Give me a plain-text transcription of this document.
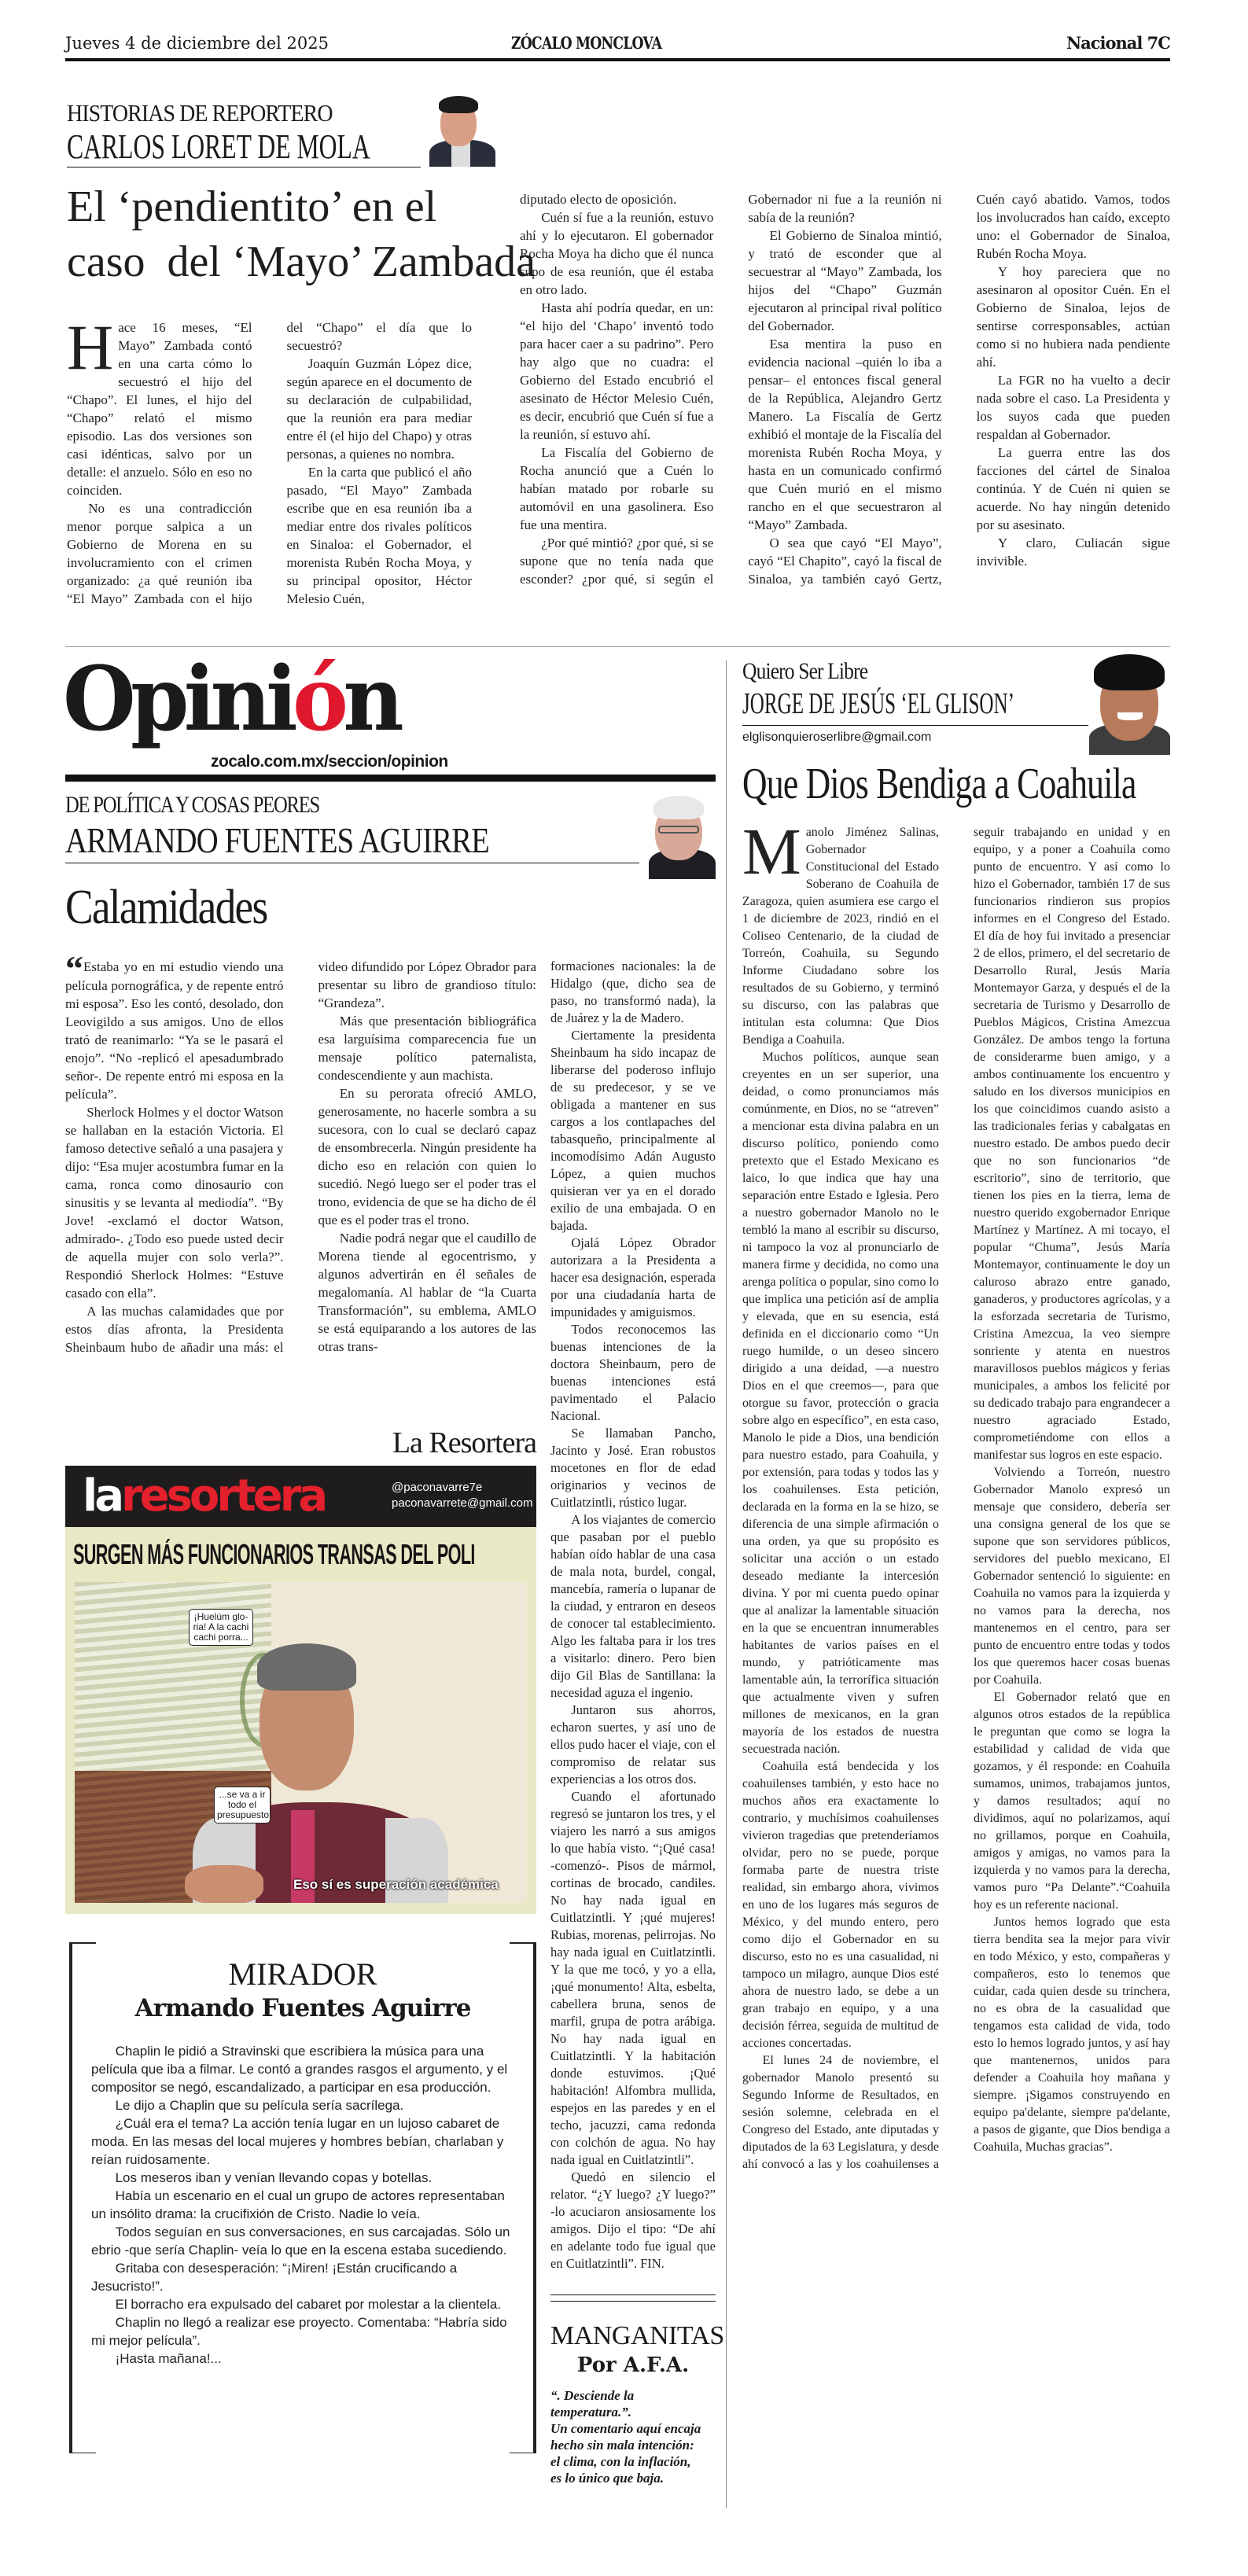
Jueves 4 de diciembre del 2025	ZÓCALO MONCLOVA	Nacional 7C
HISTORIAS DE REPORTERO
CARLOS LORET DE MOLA
El ‘pendientito’ en el
caso  del ‘Mayo’ Zambada

Hace 16 meses, “El Mayo” Zambada contó en una carta cómo lo secuestró el hijo del “Chapo”. El lunes, el hijo del “Chapo” relató el mismo episodio. Las dos versiones son casi idénticas, salvo por un detalle: el anzuelo. Sólo en eso no coinciden.

No es una contradicción menor porque salpica a un Gobierno de Morena en su involucramiento con el crimen organizado: ¿a qué reunión iba “El Mayo” Zambada con el hijo del “Chapo” el día que lo secuestró?

Joaquín Guzmán López dice, según aparece en el documento de su declaración de culpabilidad, que la reunión era para mediar entre él (el hijo del Chapo) y otras personas, a quienes no nombra.

En la carta que publicó el año pasado, “El Mayo” Zambada escribe que en esa reunión iba a mediar entre dos rivales políticos en Sinaloa: el Gobernador, el morenista Rubén Rocha Moya, y su principal opositor, Héctor Melesio Cuén,

diputado electo de oposición.

Cuén sí fue a la reunión, estuvo ahí y lo ejecutaron. El gobernador Rocha Moya ha dicho que él nunca supo de esa reunión, que él estaba en otro lado.

Hasta ahí podría quedar, en un: “el hijo del ‘Chapo’ inventó todo para hacer caer a su padrino”. Pero hay algo que no cuadra: el Gobierno del Estado encubrió el asesinato de Héctor Melesio Cuén, es decir, encubrió que Cuén sí fue a la reunión, sí estuvo ahí.

La Fiscalía del Gobierno de Rocha anunció que a Cuén lo habían matado por robarle su automóvil en una gasolinera. Eso fue una mentira.

¿Por qué mintió? ¿por qué, si se supone que no tenía nada que esconder? ¿por qué, si según el Gobernador ni fue a la reunión ni sabía de la reunión?

El Gobierno de Sinaloa mintió, y trató de esconder que al secuestrar al “Mayo” Zambada, los hijos del “Chapo” Guzmán ejecutaron al principal rival político del Gobernador.

Esa mentira la puso en evidencia nacional –quién lo iba a pensar– el entonces fiscal general de la República, Alejandro Gertz Manero. La Fiscalía de Gertz exhibió el montaje de la Fiscalía del morenista Rubén Rocha Moya, y hasta en un comunicado confirmó que Cuén murió en el mismo rancho en el que secuestraron al “Mayo” Zambada.

O sea que cayó “El Mayo”, cayó “El Chapito”, cayó la fiscal de Sinaloa, ya también cayó Gertz, Cuén cayó abatido. Vamos, todos los involucrados han caído, excepto uno: el Gobernador de Sinaloa, Rubén Rocha Moya.

Y hoy pareciera que no asesinaron al opositor Cuén. En el Gobierno de Sinaloa, lejos de sentirse corresponsables, actúan como si no hubiera nada pendiente ahí.

La FGR no ha vuelto a decir nada sobre el caso. La Presidenta y los suyos cada que pueden respaldan al Gobernador.

La guerra entre las dos facciones del cártel de Sinaloa continúa. Y de Cuén ni quien se acuerde. No hay ningún detenido por su asesinato.

Y claro, Culiacán sigue invivible.

Opinión
zocalo.com.mx/seccion/opinion
DE POLÍTICA Y COSAS PEORES
ARMANDO FUENTES AGUIRRE
Calamidades

“Estaba yo en mi estudio viendo una película pornográfica, y de repente entró mi esposa”. Eso les contó, desolado, don Leovigildo a sus amigos. Uno de ellos trató de reanimarlo: “Ya se le pasará el enojo”. “No -replicó el apesadumbrado señor-. De repente entró mi esposa en la película”.

Sherlock Holmes y el doctor Watson se hallaban en la estación Victoria. El famoso detective señaló a una pasajera y dijo: “Esa mujer acostumbra fumar en la cama, ronca como dinosaurio con sinusitis y se levanta al mediodía”. “By Jove! -exclamó el doctor Watson, admirado-. ¿Todo eso puede usted decir de aquella mujer con solo verla?”. Respondió Sherlock Holmes: “Estuve casado con ella”.

A las muchas calamidades que por estos días afronta, la Presidenta Sheinbaum hubo de añadir una más: el video difundido por López Obrador para presentar su libro de grandioso título: “Grandeza”.

Más que presentación bibliográfica esa larguísima comparecencia fue un mensaje político paternalista, condescendiente y aun machista.

En su perorata ofreció AMLO, generosamente, no hacerle sombra a su sucesora, con lo cual se declaró capaz de ensombrecerla. Ningún presidente ha dicho eso en relación con quien lo sucedió. Negó luego ser el poder tras el trono, evidencia de que se ha dicho de él que es el poder tras el trono.

Nadie podrá negar que el caudillo de Morena tiende al egocentrismo, y algunos advertirán en él señales de megalomanía. Al hablar de “la Cuarta Transformación”, su emblema, AMLO se está equiparando a los autores de las otras trans-

formaciones nacionales: la de Hidalgo (que, dicho sea de paso, no transformó nada), la de Juárez y la de Madero.

Ciertamente la presidenta Sheinbaum ha sido incapaz de liberarse del poderoso influjo de su predecesor, y se ve obligada a mantener en sus cargos a los contlapaches del tabasqueño, principalmente al incomodísimo Adán Augusto López, a quien muchos quisieran ver ya en el dorado exilio de una embajada. O en bajada.

Ojalá López Obrador autorizara a la Presidenta a hacer esa designación, esperada por una ciudadanía harta de impunidades y amiguismos.

Todos reconocemos las buenas intenciones de la doctora Sheinbaum, pero de buenas intenciones está pavimentado el Palacio Nacional.

Se llamaban Pancho, Jacinto y José. Eran robustos mocetones en flor de edad originarios y vecinos de Cuitlatzintli, rústico lugar.

A los viajantes de comercio que pasaban por el pueblo habían oído hablar de una casa de mala nota, burdel, congal, mancebía, ramería o lupanar de la ciudad, y entraron en deseos de conocer tal establecimiento. Algo les faltaba para ir los tres a visitarlo: dinero. Pero bien dijo Gil Blas de Santillana: la necesidad aguza el ingenio.

Juntaron sus ahorros, echaron suertes, y así uno de ellos pudo hacer el viaje, con el compromiso de relatar sus experiencias a los otros dos.

Cuando el afortunado regresó se juntaron los tres, y el viajero les narró a sus amigos lo que había visto. “¡Qué casa! -comenzó-. Pisos de mármol, cortinas de brocado, candiles. No hay nada igual en Cuitlatzintli. Y ¡qué mujeres! Rubias, morenas, pelirrojas. No hay nada igual en Cuitlatzintli. Y la que me tocó, y yo a ella, ¡qué monumento! Alta, esbelta, cabellera bruna, senos de marfil, grupa de potra arábiga. No hay nada igual en Cuitlatzintli. Y la habitación donde estuvimos. ¡Qué habitación! Alfombra mullida, espejos en las paredes y en el techo, jacuzzi, cama redonda con colchón de agua. No hay nada igual en Cuitlatzintli”.

Quedó en silencio el relator. “¿Y luego? ¿Y luego?” -lo acuciaron ansiosamente los amigos. Dijo el tipo: “De ahí en adelante todo fue igual que en Cuitlatzintli”. FIN.

MANGANITAS
Por A.F.A.
“. Desciende la temperatura.”.
Un comentario aquí encaja
hecho sin mala intención:
el clima, con la inflación,
es lo único que baja.
La Resortera
laresortera	@paconavarre7e
paconavarrete@gmail.com
SURGEN MÁS FUNCIONARIOS TRANSAS DEL POLI
¡Huelúm glo-ria! A la cachi cachi porra...
...se va a ir todo el presupuesto
Eso sí es superación académica
MIRADOR
Armando Fuentes Aguirre

Chaplin le pidió a Stravinski que escribiera la música para una película que iba a filmar. Le contó a grandes rasgos el argumento, y el compositor se negó, escandalizado, a participar en esa producción.

Le dijo a Chaplin que su película sería sacrílega.

¿Cuál era el tema? La acción tenía lugar en un lujoso cabaret de moda. En las mesas del local mujeres y hombres bebían, charlaban y reían ruidosamente.

Los meseros iban y venían llevando copas y botellas.

Había un escenario en el cual un grupo de actores representaban un insólito drama: la crucifixión de Cristo. Nadie lo veía.

Todos seguían en sus conversaciones, en sus carcajadas. Sólo un ebrio -que sería Chaplin- veía lo que en la escena estaba sucediendo.

Gritaba con desesperación: “¡Miren! ¡Están crucificando a Jesucristo!”.

El borracho era expulsado del cabaret por molestar a la clientela.

Chaplin no llegó a realizar ese proyecto. Comentaba: “Habría sido mi mejor película”.

¡Hasta mañana!...

Quiero Ser Libre
JORGE DE JESÚS ‘EL GLISON’
elglisonquieroserlibre@gmail.com
Que Dios Bendiga a Coahuila

Manolo Jiménez Salinas, Gobernador Constitucional del Estado Soberano de Coahuila de Zaragoza, quien asumiera ese cargo el 1 de diciembre de 2023, rindió en el Coliseo Centenario, de la ciudad de Torreón, Coahuila, su Segundo Informe Ciudadano sobre los resultados de su Gobierno, y terminó su discurso, con las palabras que intitulan esta columna: Que Dios Bendiga a Coahuila.

Muchos políticos, aunque sean creyentes en un ser superior, una deidad, o como pronunciamos más comúnmente, en Dios, no se “atreven” a mencionar esta divina palabra en un discurso político, poniendo como pretexto que el Estado Mexicano es laico, lo que indica que hay una separación entre Estado e Iglesia. Pero a nuestro gobernador Manolo no le tembló la mano al escribir su discurso, ni tampoco la voz al pronunciarlo de manera firme y decidida, no como una arenga política o popular, sino como lo que implica una petición así de amplia y elevada, que en su esencia, está definida en el diccionario como “Un ruego humilde, o un deseo sincero dirigido a una deidad, —a nuestro Dios en el que creemos—, para que otorgue su favor, protección o gracia sobre algo en específico”, en esta caso, Manolo le pide a Dios, una bendición para nuestro estado, para Coahuila, y por extensión, para todas y todos las y los coahuilenses. Esta petición, declarada en la forma en la se hizo, se diferencia de una simple afirmación o una orden, ya que su propósito es solicitar una acción o un estado deseado mediante la intercesión divina. Y por mi cuenta puedo opinar que al analizar la lamentable situación en la que se encuentran innumerables habitantes de varios países en el mundo, y patrióticamente mas lamentable aún, la terrorífica situación que actualmente viven y sufren millones de mexicanos, en la gran mayoría de los estados de nuestra secuestrada nación.

Coahuila está bendecida y los coahuilenses también, y esto hace no muchos años era exactamente lo contrario, y muchísimos coahuilenses vivieron tragedias que pretenderíamos olvidar, pero no se puede, porque formaba parte de nuestra triste realidad, sin embargo ahora, vivimos en uno de los lugares más seguros de México, y del mundo entero, pero como dijo el Gobernador en su discurso, esto no es una casualidad, ni tampoco un milagro, aunque Dios esté ahora de nuestro lado, se debe a un gran trabajo en equipo, y a una decisión férrea, seguida de multitud de acciones concertadas.

El lunes 24 de noviembre, el gobernador Manolo presentó su Segundo Informe de Resultados, en sesión solemne, celebrada en el Congreso del Estado, ante diputadas y diputados de la 63 Legislatura, y desde ahí convocó a las y los coahuilenses a seguir trabajando en unidad y en equipo, y a poner a Coahuila como punto de encuentro. Y así como lo hizo el Gobernador, también 17 de sus funcionarios rindieron sus propios informes en el Congreso del Estado. El día de hoy fui invitado a presenciar 2 de ellos, primero, el del secretario de Desarrollo Rural, Jesús María Montemayor Garza, y después el de la secretaria de Turismo y Desarrollo de Pueblos Mágicos, Cristina Amezcua González. De ambos tengo la fortuna de considerarme buen amigo, y a ambos continuamente los encuentro y saludo en los diversos municipios en los que coincidimos cuando asisto a las tradicionales ferias y cabalgatas en nuestro estado. De ambos puedo decir que no son funcionarios “de escritorio”, sino de territorio, que tienen los pies en la tierra, lema de nuestro querido exgobernador Enrique Martínez y Martínez. A mi tocayo, el popular “Chuma”, Jesús María Montemayor, continuamente le doy un caluroso abrazo entre ganado, ganaderos, y productores agrícolas, y a la esforzada secretaria de Turismo, Cristina Amezcua, la veo siempre sonriente y atenta en nuestros maravillosos pueblos mágicos y ferias municipales, a ambos los felicité por su dedicado trabajo para engrandecer a nuestro agraciado Estado, comprometiéndome con ellos a manifestar sus logros en este espacio.

Volviendo a Torreón, nuestro Gobernador Manolo expresó un mensaje que considero, debería ser una consigna general de los que se supone que son servidores públicos, servidores del pueblo mexicano, El Gobernador sentenció lo siguiente: en Coahuila no vamos para la izquierda y no vamos para la derecha, nos mantenemos en el centro, para ser punto de encuentro entre todas y todos los que queremos hacer cosas buenas por Coahuila.

El Gobernador relató que en algunos otros estados de la república le preguntan que como se logra la estabilidad y calidad de vida que gozamos, y él responde: en Coahuila sumamos, unimos, trabajamos juntos, y damos resultados; aquí no dividimos, aquí no polarizamos, aquí no grillamos, porque en Coahuila, amigos y amigas, no vamos para la izquierda y no vamos para la derecha, vamos puro “Pa Delante”.“Coahuila hoy es un referente nacional.

Juntos hemos logrado que esta tierra bendita sea la mejor para vivir en todo México, y esto, compañeras y compañeros, esto lo tenemos que cuidar, cada quien desde su trinchera, no es obra de la casualidad que tengamos esta calidad de vida, todo esto lo hemos logrado juntos, y así hay que mantenernos, unidos para defender a Coahuila hoy mañana y siempre. ¡Sigamos construyendo en equipo pa'delante, siempre pa'delante, a pasos de gigante, que Dios bendiga a Coahuila, Muchas gracias”.
